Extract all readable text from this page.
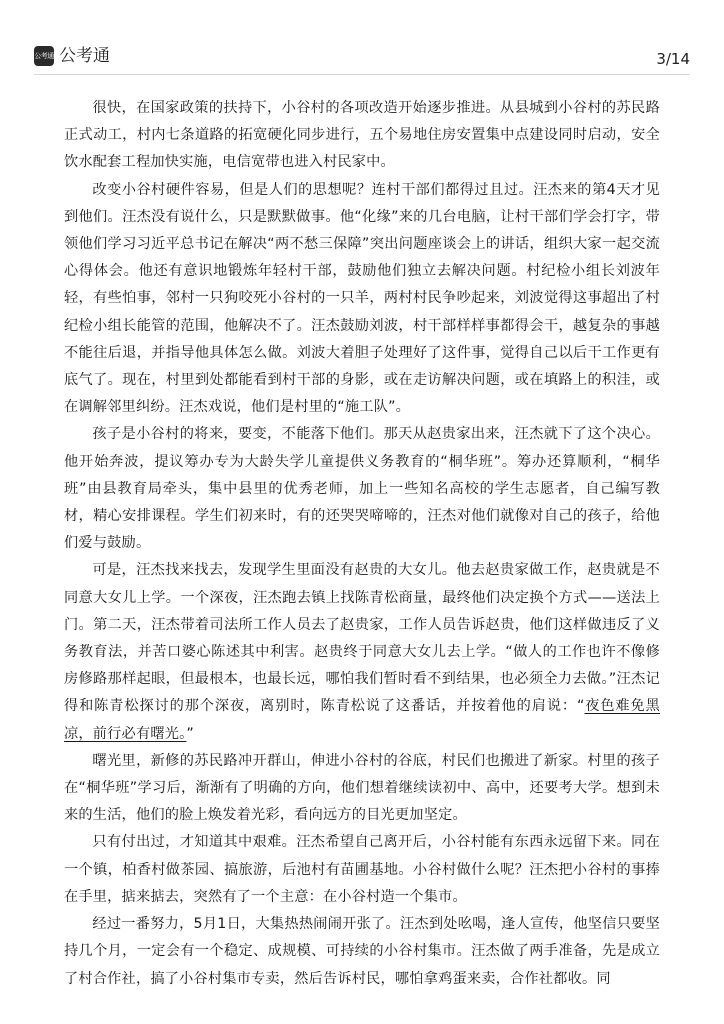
公考通 公考通	3/14

很快，在国家政策的扶持下，小谷村的各项改造开始逐步推进。从县城到小谷村的苏民路正式动工，村内七条道路的拓宽硬化同步进行，五个易地住房安置集中点建设同时启动，安全饮水配套工程加快实施，电信宽带也进入村民家中。

改变小谷村硬件容易，但是人们的思想呢？连村干部们都得过且过。汪杰来的第4天才见到他们。汪杰没有说什么，只是默默做事。他“化缘”来的几台电脑，让村干部们学会打字，带领他们学习习近平总书记在解决“两不愁三保障”突出问题座谈会上的讲话，组织大家一起交流心得体会。他还有意识地锻炼年轻村干部，鼓励他们独立去解决问题。村纪检小组长刘波年轻，有些怕事，邻村一只狗咬死小谷村的一只羊，两村村民争吵起来，刘波觉得这事超出了村纪检小组长能管的范围，他解决不了。汪杰鼓励刘波，村干部样样事都得会干，越复杂的事越不能往后退，并指导他具体怎么做。刘波大着胆子处理好了这件事，觉得自己以后干工作更有底气了。现在，村里到处都能看到村干部的身影，或在走访解决问题，或在填路上的积洼，或在调解邻里纠纷。汪杰戏说，他们是村里的“施工队”。

孩子是小谷村的将来，要变，不能落下他们。那天从赵贵家出来，汪杰就下了这个决心。他开始奔波，提议筹办专为大龄失学儿童提供义务教育的“桐华班”。筹办还算顺利，“桐华班”由县教育局牵头，集中县里的优秀老师，加上一些知名高校的学生志愿者，自己编写教材，精心安排课程。学生们初来时，有的还哭哭啼啼的，汪杰对他们就像对自己的孩子，给他们爱与鼓励。

可是，汪杰找来找去，发现学生里面没有赵贵的大女儿。他去赵贵家做工作，赵贵就是不同意大女儿上学。一个深夜，汪杰跑去镇上找陈青松商量，最终他们决定换个方式——送法上门。第二天，汪杰带着司法所工作人员去了赵贵家，工作人员告诉赵贵，他们这样做违反了义务教育法，并苦口婆心陈述其中利害。赵贵终于同意大女儿去上学。“做人的工作也许不像修房修路那样起眼，但最根本，也最长远，哪怕我们暂时看不到结果，也必须全力去做。”汪杰记得和陈青松探讨的那个深夜，离别时，陈青松说了这番话，并按着他的肩说：“夜色难免黑凉，前行必有曙光。”

曙光里，新修的苏民路冲开群山，伸进小谷村的谷底，村民们也搬进了新家。村里的孩子在“桐华班”学习后，渐渐有了明确的方向，他们想着继续读初中、高中，还要考大学。想到未来的生活，他们的脸上焕发着光彩，看向远方的目光更加坚定。

只有付出过，才知道其中艰难。汪杰希望自己离开后，小谷村能有东西永远留下来。同在一个镇，柏香村做茶园、搞旅游，后池村有苗圃基地。小谷村做什么呢？汪杰把小谷村的事捧在手里，掂来掂去，突然有了一个主意：在小谷村造一个集市。

经过一番努力，5月1日，大集热热闹闹开张了。汪杰到处吆喝，逢人宣传，他坚信只要坚持几个月，一定会有一个稳定、成规模、可持续的小谷村集市。汪杰做了两手准备，先是成立了村合作社，搞了小谷村集市专卖，然后告诉村民，哪怕拿鸡蛋来卖，合作社都收。同
